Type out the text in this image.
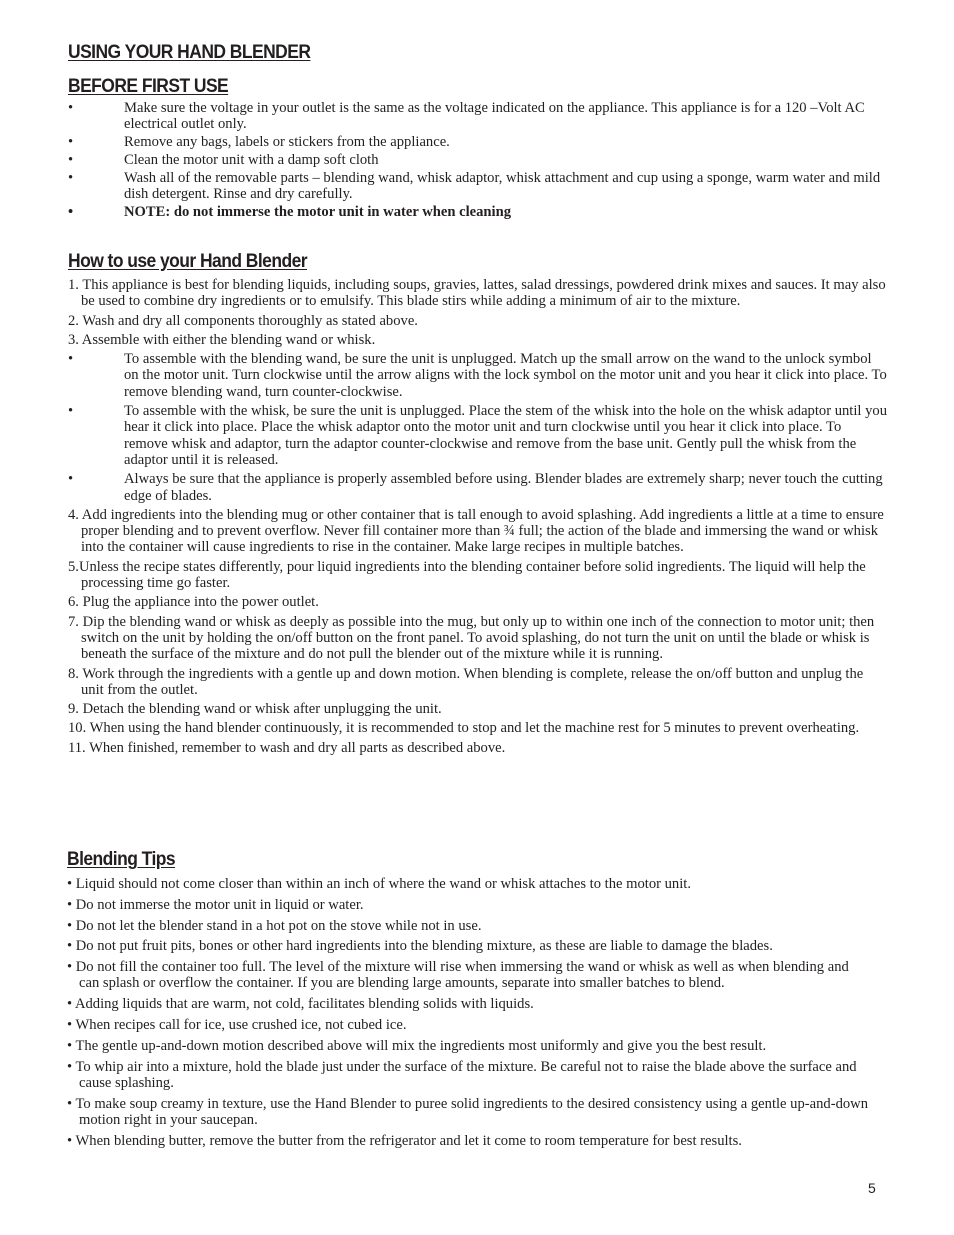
USING YOUR HAND BLENDER
BEFORE FIRST USE
•	Make sure the voltage in your outlet is the same as the voltage indicated on the appliance. This appliance is for a 120 –Volt AC electrical outlet only.
•	Remove any bags, labels or stickers from the appliance.
•	Clean the motor unit with a damp soft cloth
•	Wash all of the removable parts – blending wand, whisk adaptor, whisk attachment and cup using a sponge, warm water and mild dish detergent. Rinse and dry carefully.
•	NOTE: do not immerse the motor unit in water when cleaning
How to use your Hand Blender
1. This appliance is best for blending liquids, including soups, gravies, lattes, salad dressings, powdered drink mixes and sauces. It may also be used to combine dry ingredients or to emulsify. This blade stirs while adding a minimum of air to the mixture.
2. Wash and dry all components thoroughly as stated above.
3. Assemble with either the blending wand or whisk.
•	To assemble with the blending wand, be sure the unit is unplugged. Match up the small arrow on the wand to the unlock symbol on the motor unit. Turn clockwise until the arrow aligns with the lock symbol on the motor unit and you hear it click into place. To remove blending wand, turn counter-clockwise.
•	To assemble with the whisk, be sure the unit is unplugged. Place the stem of the whisk into the hole on the whisk adaptor until you hear it click into place. Place the whisk adaptor onto the motor unit and turn clockwise until you hear it click into place. To remove whisk and adaptor, turn the adaptor counter-clockwise and remove from the base unit. Gently pull the whisk from the adaptor until it is released.
•	Always be sure that the appliance is properly assembled before using. Blender blades are extremely sharp; never touch the cutting edge of blades.
4. Add ingredients into the blending mug or other container that is tall enough to avoid splashing. Add ingredients a little at a time to ensure proper blending and to prevent overflow. Never fill container more than ¾ full; the action of the blade and immersing the wand or whisk into the container will cause ingredients to rise in the container. Make large recipes in multiple batches.
5.Unless the recipe states differently, pour liquid ingredients into the blending container before solid ingredients. The liquid will help the processing time go faster.
6. Plug the appliance into the power outlet.
7. Dip the blending wand or whisk as deeply as possible into the mug, but only up to within one inch of the connection to motor unit; then switch on the unit by holding the on/off button on the front panel. To avoid splashing, do not turn the unit on until the blade or whisk is beneath the surface of the mixture and do not pull the blender out of the mixture while it is running.
8. Work through the ingredients with a gentle up and down motion. When blending is complete, release the on/off button and unplug the unit from the outlet.
9. Detach the blending wand or whisk after unplugging the unit.
10. When using the hand blender continuously, it is recommended to stop and let the machine rest for 5 minutes to prevent overheating.
11. When finished, remember to wash and dry all parts as described above.
Blending Tips
• Liquid should not come closer than within an inch of where the wand or whisk attaches to the motor unit.
• Do not immerse the motor unit in liquid or water.
• Do not let the blender stand in a hot pot on the stove while not in use.
• Do not put fruit pits, bones or other hard ingredients into the blending mixture, as these are liable to damage the blades.
• Do not fill the container too full. The level of the mixture will rise when immersing the wand or whisk as well as when blending and can splash or overflow the container. If you are blending large amounts, separate into smaller batches to blend.
• Adding liquids that are warm, not cold, facilitates blending solids with liquids.
• When recipes call for ice, use crushed ice, not cubed ice.
• The gentle up-and-down motion described above will mix the ingredients most uniformly and give you the best result.
• To whip air into a mixture, hold the blade just under the surface of the mixture. Be careful not to raise the blade above the surface and cause splashing.
• To make soup creamy in texture, use the Hand Blender to puree solid ingredients to the desired consistency using a gentle up-and-down motion right in your saucepan.
• When blending butter, remove the butter from the refrigerator and let it come to room temperature for best results.
5
